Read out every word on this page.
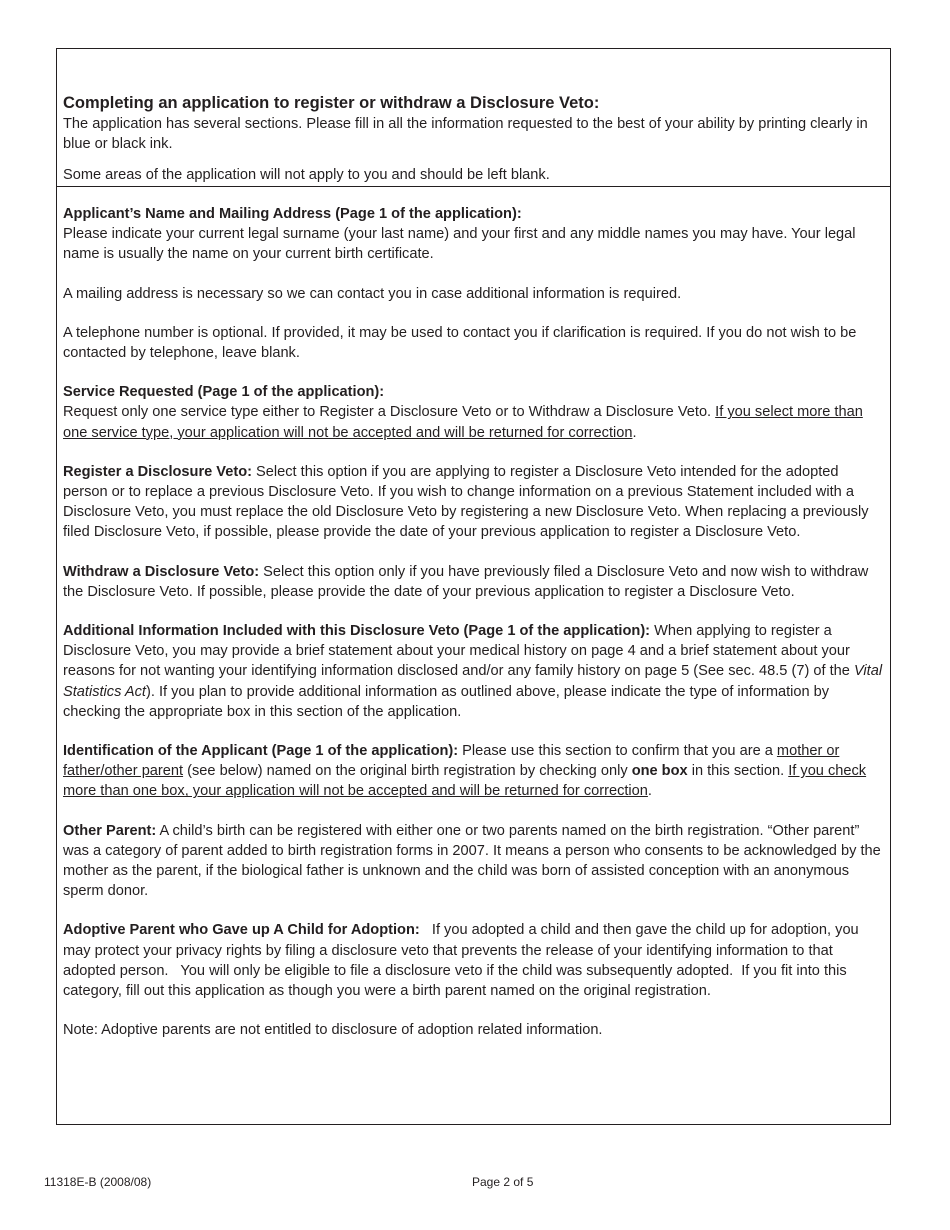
Completing an application to register or withdraw a Disclosure Veto:

The application has several sections. Please fill in all the information requested to the best of your ability by printing clearly in blue or black ink.

Some areas of the application will not apply to you and should be left blank.

Applicant’s Name and Mailing Address (Page 1 of the application):

Please indicate your current legal surname (your last name) and your first and any middle names you may have. Your legal name is usually the name on your current birth certificate.

A mailing address is necessary so we can contact you in case additional information is required.

A telephone number is optional. If provided, it may be used to contact you if clarification is required. If you do not wish to be contacted by telephone, leave blank.

Service Requested (Page 1 of the application):

Request only one service type either to Register a Disclosure Veto or to Withdraw a Disclosure Veto. If you select more than one service type, your application will not be accepted and will be returned for correction.

Register a Disclosure Veto: Select this option if you are applying to register a Disclosure Veto intended for the adopted person or to replace a previous Disclosure Veto. If you wish to change information on a previous Statement included with a Disclosure Veto, you must replace the old Disclosure Veto by registering a new Disclosure Veto. When replacing a previously filed Disclosure Veto, if possible, please provide the date of your previous application to register a Disclosure Veto.

Withdraw a Disclosure Veto: Select this option only if you have previously filed a Disclosure Veto and now wish to withdraw the Disclosure Veto. If possible, please provide the date of your previous application to register a Disclosure Veto.

Additional Information Included with this Disclosure Veto (Page 1 of the application): When applying to register a Disclosure Veto, you may provide a brief statement about your medical history on page 4 and a brief statement about your reasons for not wanting your identifying information disclosed and/or any family history on page 5 (See sec. 48.5 (7) of the Vital Statistics Act). If you plan to provide additional information as outlined above, please indicate the type of information by checking the appropriate box in this section of the application.

Identification of the Applicant (Page 1 of the application): Please use this section to confirm that you are a mother or father/other parent (see below) named on the original birth registration by checking only one box in this section. If you check more than one box, your application will not be accepted and will be returned for correction.

Other Parent: A child’s birth can be registered with either one or two parents named on the birth registration. “Other parent” was a category of parent added to birth registration forms in 2007. It means a person who consents to be acknowledged by the mother as the parent, if the biological father is unknown and the child was born of assisted conception with an anonymous sperm donor.

Adoptive Parent who Gave up A Child for Adoption:   If you adopted a child and then gave the child up for adoption, you may protect your privacy rights by filing a disclosure veto that prevents the release of your identifying information to that adopted person.   You will only be eligible to file a disclosure veto if the child was subsequently adopted.  If you fit into this category, fill out this application as though you were a birth parent named on the original registration.

Note: Adoptive parents are not entitled to disclosure of adoption related information.

11318E-B (2008/08)	Page 2 of 5
